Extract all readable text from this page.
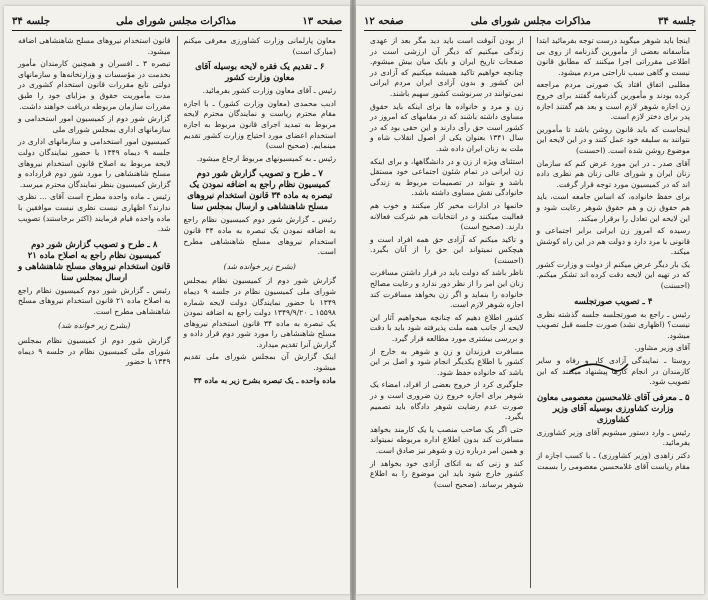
صفحه ۱۳
مذاکرات مجلس شورای ملی
جلسه ۳۴

معاون پارلمانی وزارت کشاورزی معرفی میکنم (مبارک است)

۶ ـ تقدیم یک فقره لایحه بوسیله آقای معاون وزارت کشور

رئیس ـ آقای معاون وزارت کشور بفرمائید.

ادیب محمدی (معاون وزارت کشور) ـ با اجازه مقام محترم ریاست و نمایندگان محترم لایحه مربوط به تمدید اجرای قانون مربوط به اجازه استخدام اعضای مورد احتیاج وزارت کشور تقدیم مینمایم. (صحیح است)

رئیس ـ به کمیسیونهای مربوط ارجاع میشود.

۷ ـ طرح و تصویب گزارش شور دوم کمیسیون نظام راجع به اضافه نمودن یک تبصره به ماده ۳۴ قانون استخدام نیروهای مسلح شاهنشاهی و ارسال بمجلس سنا

رئیس ـ گزارش شور دوم کمیسیون نظام راجع به اضافه نمودن یک تبصره به ماده ۳۴ قانون استخدام نیروهای مسلح شاهنشاهی مطرح است.

(بشرح زیر خوانده شد)

گزارش شور دوم از کمیسیون نظام بمجلس شورای ملی کمیسیون نظام در جلسه ۹ دیماه ۱۳۴۹ با حضور نمایندگان دولت لایحه شماره ۱۵۵۹۸ ـ ۱۳۴۹/۹/۲۰ دولت راجع به اضافه نمودن یک تبصره به ماده ۳۴ قانون استخدام نیروهای مسلح شاهنشاهی را مورد شور دوم قرار داده و گزارش آنرا تقدیم میدارد.

اینک گزارش آن بمجلس شورای ملی تقدیم میشود.

ماده واحده ـ یک تبصره بشرح زیر به ماده ۳۴

قانون استخدام نیروهای مسلح شاهنشاهی اضافه میشود.

تبصره ۳ ـ افسران و همچنین کارمندان مأمور بخدمت در مؤسسات و وزارتخانه‌ها و سازمانهای دولتی تابع مقررات قانون استخدام کشوری در مدت مأموریت حقوق و مزایای خود را طبق مقررات سازمان مربوطه دریافت خواهند داشت.

گزارش شور دوم از کمیسیون امور استخدامی و سازمانهای اداری بمجلس شورای ملی

کمیسیون امور استخدامی و سازمانهای اداری در جلسه ۹ دیماه ۱۳۴۹ با حضور نمایندگان دولت لایحه مربوط به اصلاح قانون استخدام نیروهای مسلح شاهنشاهی را مورد شور دوم قرارداده و گزارش کمیسیون بنظر نمایندگان محترم میرسد.

رئیس ـ ماده واحده مطرح است آقای ... نظری ندارند؟ اظهاری نیست نظری نیست موافقین با ماده واحده قیام فرمایند (اکثر برخاستند) تصویب شد.

۸ ـ طرح و تصویب گزارش شور دوم کمیسیون نظام راجع به اصلاح ماده ۲۱ قانون استخدام نیروهای مسلح شاهنشاهی و ارسال بمجلس سنا

رئیس ـ گزارش شور دوم کمیسیون نظام راجع به اصلاح ماده ۲۱ قانون استخدام نیروهای مسلح شاهنشاهی مطرح است.

(بشرح زیر خوانده شد)

گزارش شور دوم از کمیسیون نظام بمجلس شورای ملی کمیسیون نظام در جلسه ۹ دیماه ۱۳۴۹ با حضور

جلسه ۳۴
مذاکرات مجلس شورای ملی
صفحه ۱۲

اینجا باید شوهر میگوید درست توجه بفرمائید ابتدا متأسفانه بعضی از مأمورین گذرنامه از روی بی اطلاعی مقرراتی اجرا میکنند که مطابق قانون نیست و گاهی سبب ناراحتی مردم میشود.

مطلبی اتفاق افتاد یک صورتی مردم مراجعه کرده بودند و مأمورین گذرنامه گفتند برای خروج زن اجازه شوهر لازم است و بعد هم گفتند اجازه پدر برای دختر لازم است.

اینجاست که باید قانون روشن باشد تا مأمورین نتوانند به سلیقه خود عمل کنند و در این لایحه این موضوع روشن شده است. (احسنت)

آقای صدر ـ در این مورد عرض کنم که سازمان زنان ایران و شورای عالی زنان هم نظری داده اند که در کمیسیون مورد توجه قرار گرفت.

برای حفظ خانواده، که اساس جامعه است، باید هم حقوق زن و هم حقوق شوهر رعایت شود و این لایحه این تعادل را برقرار میکند.

رسیده که امروز زن ایرانی برابر اجتماعی و قانونی با مرد دارد و دولت هم در این راه کوشش میکند.

یک بار دیگر عرض میکنم از دولت و وزارت کشور که در تهیه این لایحه دقت کرده اند تشکر میکنم. (احسنت)

۴ ـ تصویب صورتجلسه

رئیس ـ راجع به صورتجلسه جلسه گذشته نظری نیست؟ (اظهاری نشد) صورت جلسه قبل تصویب میشود.

آقای وزیر مشاور.

روستا ـ نمایندگی آزادی کار و رفاه و سایر کارمندان در انجام کارها پیشنهاد میکنند که این تصویب شود.

۵ ـ معرفی آقای غلامحسین معصومی معاون وزارت کشاورزی بوسیله آقای وزیر کشاورزی

رئیس ـ وارد دستور میشویم آقای وزیر کشاورزی بفرمائید.

دکتر زاهدی (وزیر کشاورزی) ـ با کسب اجازه از مقام ریاست آقای غلامحسین معصومی را بسمت

از بودن آنوقت است باید دید مگر بعد از عهدی زندگی میکنیم که دیگر آن ارزشی است در صفحات تاریخ ایران و بایک میان بیش میشوم. چنانچه خواهیم تاکید همیشه میکنیم که آزادی در این کشور و بدون آزادی ایران مردم ایرانی نمی‌توانند در سرنوشت کشور سهیم باشند.

زن و مرد و خانواده ها برای اینکه باید حقوق مساوی داشته باشند که در مقامهای که امروز در کشور است حق رأی دارند و این حقی بود که در سال ۱۳۴۱ بعنوان یکی از اصول انقلاب شاه و ملت به زنان ایران داده شد.

استثنای ویژه از زن و در دانشگاهها، و برای اینکه زن ایرانی در تمام شئون اجتماعی خود مستقل باشد و بتواند در تصمیمات مربوط به زندگی خانوادگی نقش مساوی داشته باشد.

خانمها در ادارات مخیر کار میکنند و خوب هم فعالیت میکنند و در انتخابات هم شرکت فعالانه دارند. (صحیح است)

و تاکید میکنم که آزادی حق همه افراد است و هیچکس نمیتواند این حق را از آنان بگیرد. (احسنت)

ناظر باشد که دولت باید در قرار داشتن مسافرت زنان این امر را از نظر دور ندارد و رعایت مصالح خانواده را بنماید و اگر زن بخواهد مسافرت کند اجازه شوهر لازم است.

کشور اطلاع دهیم که چنانچه میخواهیم آثار این لایحه از جانب همه ملت پذیرفته شود باید با دقت و بررسی بیشتری مورد مطالعه قرار گیرد.

مسافرت فرزندان و زن و شوهر به خارج از کشور با اطلاع یکدیگر انجام شود و اصل بر این باشد که خانواده حفظ شود.

جلوگیری کرد از خروج بعضی از افراد، امضاء یک شوهر برای اجازه خروج زن ضروری است و در صورت عدم رضایت شوهر دادگاه باید تصمیم بگیرد.

حتی اگر یک صاحب منصب یا یک کارمند بخواهد مسافرت کند بدون اطلاع اداره مربوطه نمیتواند و همین امر درباره زن و شوهر نیز صادق است.

کند و زنی که به اتکای آزادی خود بخواهد از کشور خارج شود باید این موضوع را به اطلاع شوهر برساند. (صحیح است)
